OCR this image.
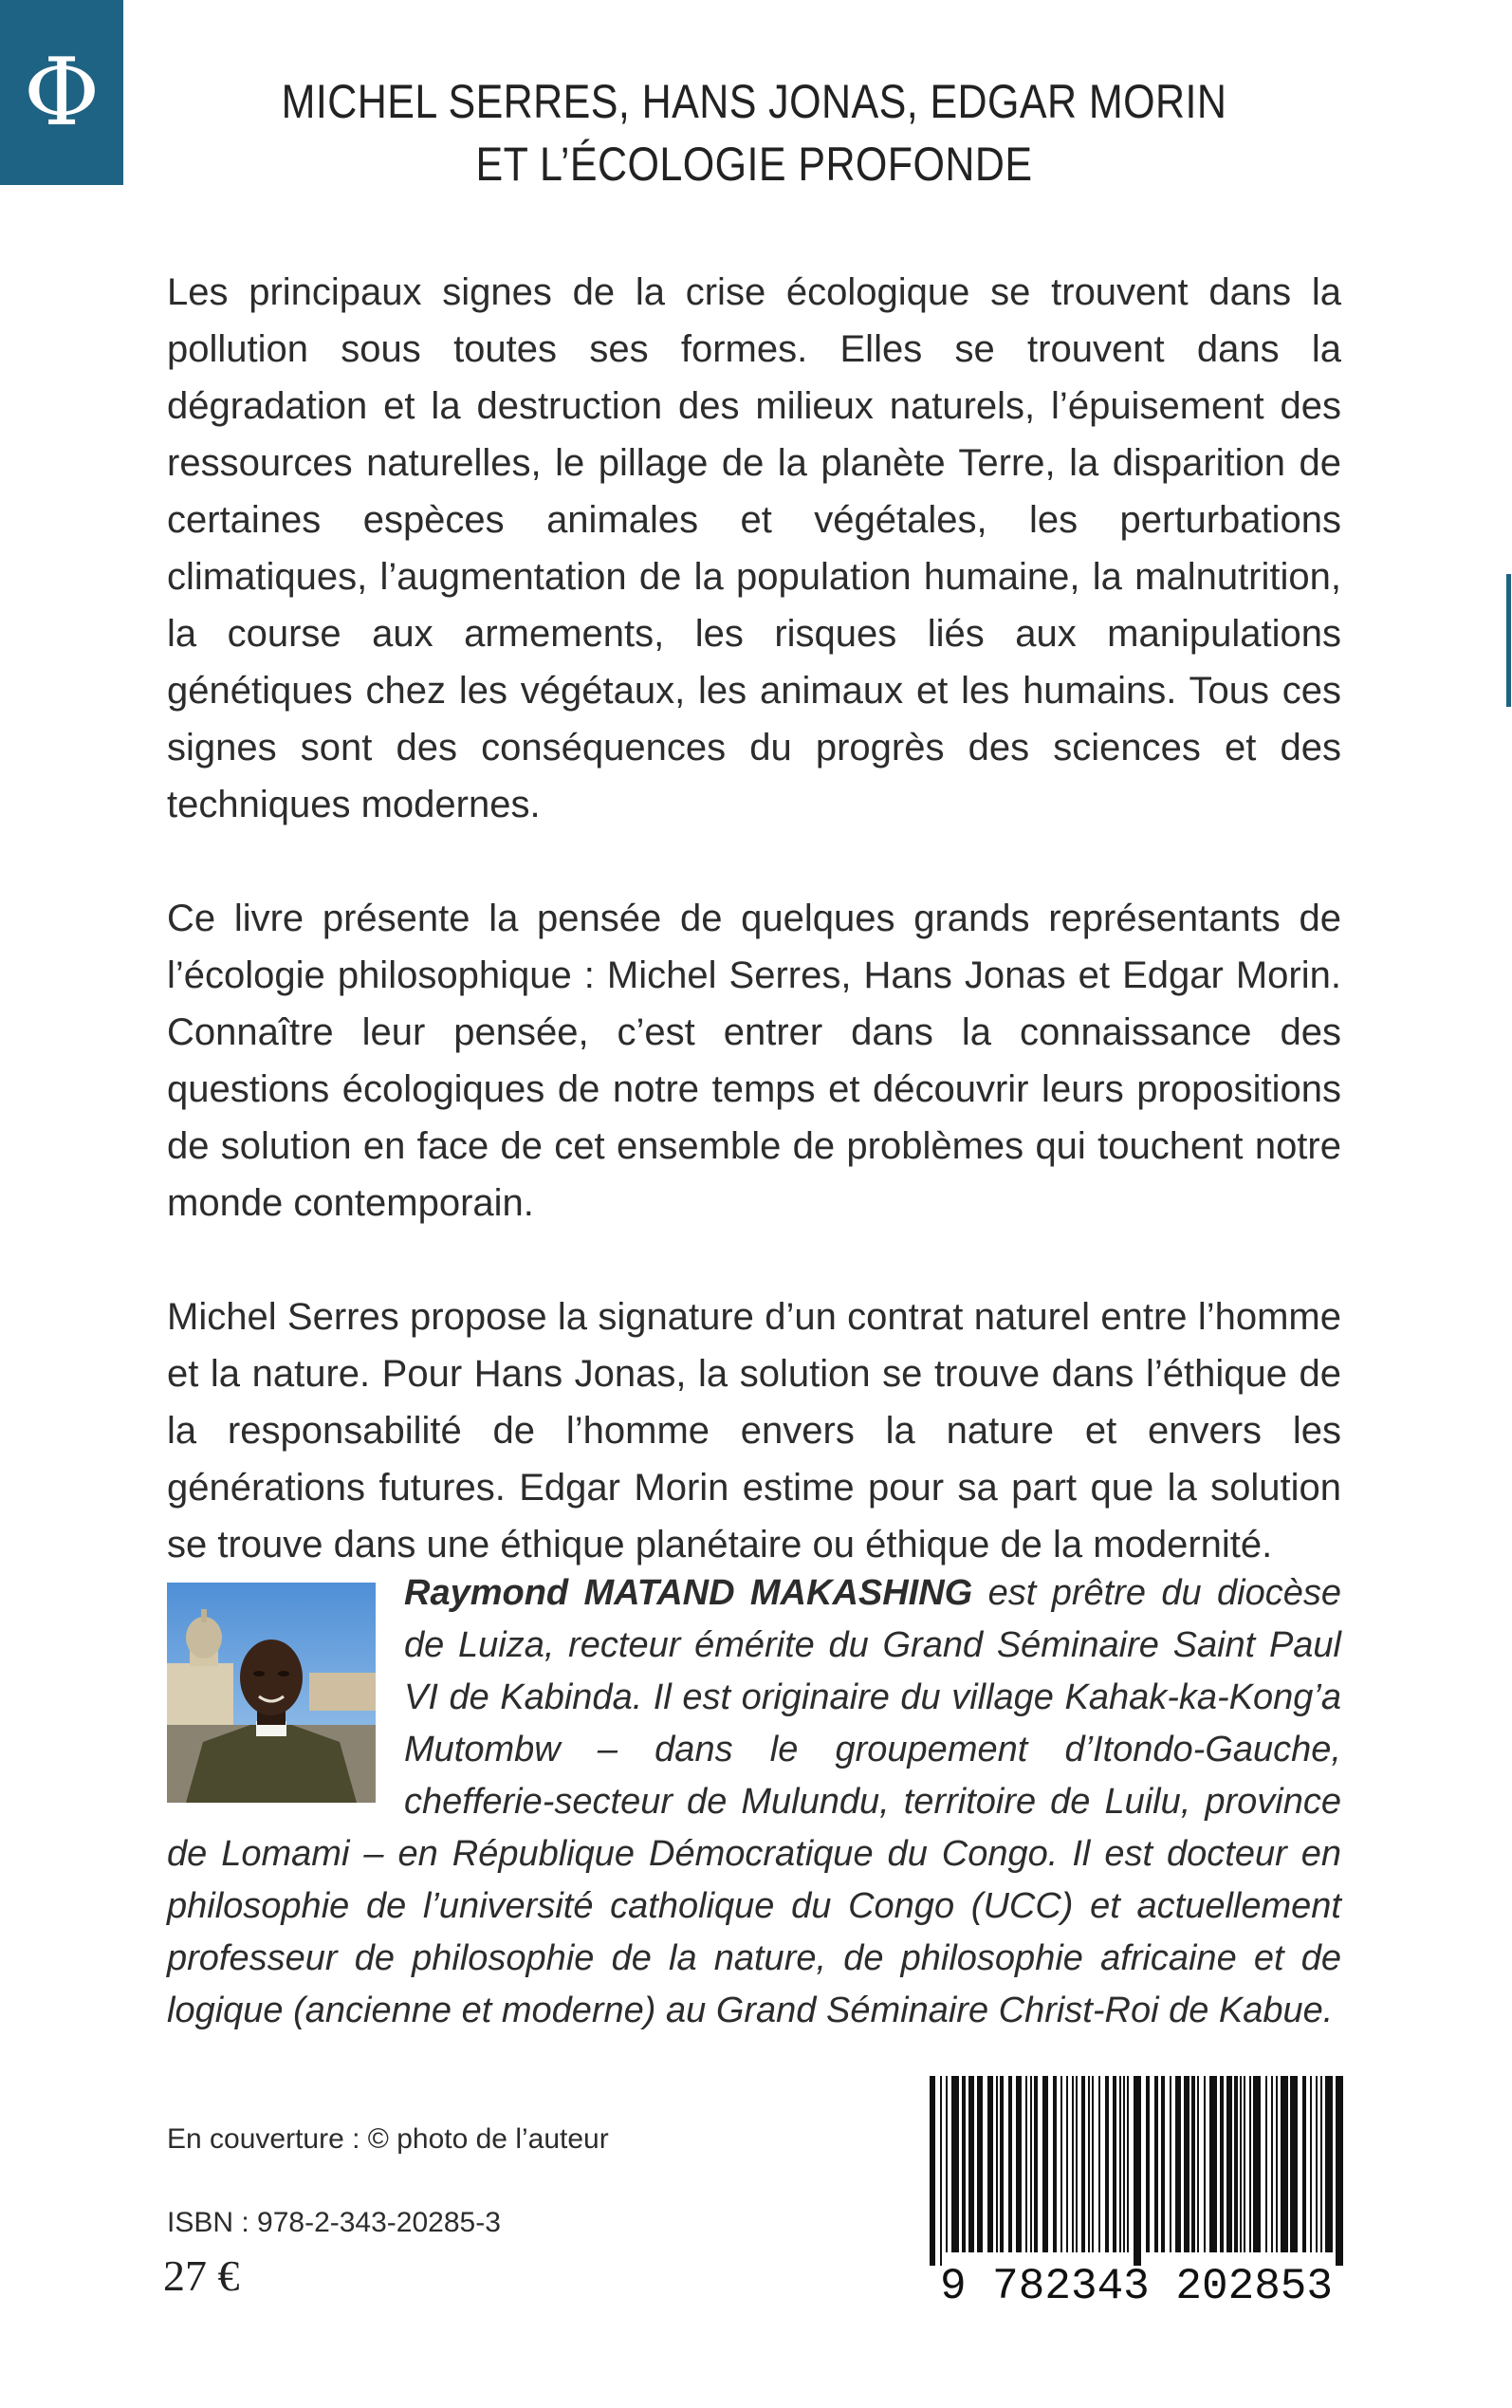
Φ	MICHEL SERRES, HANS JONAS, EDGAR MORIN
ET L’ÉCOLOGIE PROFONDE

Les principaux signes de la crise écologique se trouvent dans la pollution sous toutes ses formes. Elles se trouvent dans la dégradation et la destruction des milieux naturels, l’épuisement des ressources naturelles, le pillage de la planète Terre, la disparition de certaines espèces animales et végétales, les perturbations climatiques, l’augmentation de la population humaine, la malnutrition, la course aux armements, les risques liés aux manipulations génétiques chez les végétaux, les animaux et les humains. Tous ces signes sont des conséquences du progrès des sciences et des techniques modernes.

Ce livre présente la pensée de quelques grands représentants de l’écologie philosophique : Michel Serres, Hans Jonas et Edgar Morin. Connaître leur pensée, c’est entrer dans la connaissance des questions écologiques de notre temps et découvrir leurs propositions de solution en face de cet ensemble de problèmes qui touchent notre monde contemporain.

Michel Serres propose la signature d’un contrat naturel entre l’homme et la nature. Pour Hans Jonas, la solution se trouve dans l’éthique de la responsabilité de l’homme envers la nature et envers les générations futures. Edgar Morin estime pour sa part que la solution se trouve dans une éthique planétaire ou éthique de la modernité.

Raymond MATAND MAKASHING est prêtre du diocèse de Luiza, recteur émérite du Grand Séminaire Saint Paul VI de Kabinda. Il est originaire du village Kahak-ka-Kong’a Mutombw – dans le groupement d’Itondo-Gauche, chefferie-secteur de Mulundu, territoire de Luilu, province de Lomami – en République Démocratique du Congo. Il est docteur en philosophie de l’université catholique du Congo (UCC) et actuellement professeur de philosophie de la nature, de philosophie africaine et de logique (ancienne et moderne) au Grand Séminaire Christ-Roi de Kabue.

En couverture : © photo de l’auteur
ISBN : 978-2-343-20285-3
27 €	9 782343 202853
